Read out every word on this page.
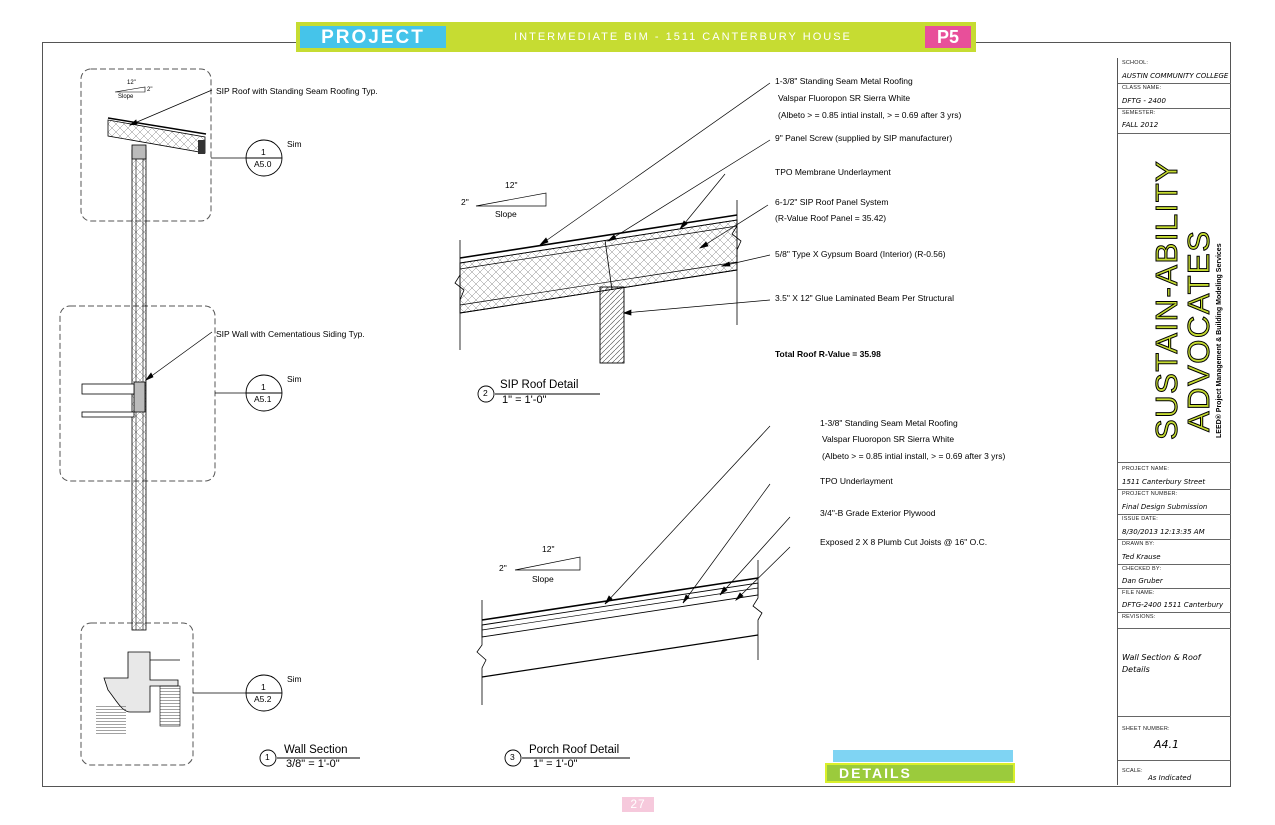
PROJECT	INTERMEDIATE BIM - 1511 CANTERBURY HOUSE	P5
SIP Roof with Standing Seam Roofing Typ.
SIP Wall with Cementatious Siding Typ.
12"
2"
Slope
1
A5.0
Sim
1
A5.1
Sim
1
A5.2
Sim
1
Wall Section
3/8" = 1'-0"
1-3/8" Standing Seam Metal Roofing
Valspar Fluoropon SR Sierra White
(Albeto > = 0.85 intial install, > = 0.69 after 3 yrs)
9" Panel Screw (supplied by SIP manufacturer)
TPO Membrane Underlayment
6-1/2" SIP Roof Panel System
(R-Value Roof Panel = 35.42)
5/8" Type X Gypsum Board (Interior) (R-0.56)
3.5" X 12" Glue Laminated Beam Per Structural
Total Roof R-Value = 35.98
12"
2"
Slope
2
SIP Roof Detail
1" = 1'-0"
1-3/8" Standing Seam Metal Roofing
Valspar Fluoropon SR Sierra White
(Albeto > = 0.85 intial install, > = 0.69 after 3 yrs)
TPO Underlayment
3/4"-B Grade Exterior Plywood
Exposed 2 X 8 Plumb Cut Joists @ 16" O.C.
12"
2"
Slope
3
Porch Roof Detail
1" = 1'-0"
SCHOOL:
AUSTIN COMMUNITY COLLEGE
CLASS NAME:
DFTG - 2400
SEMESTER:
FALL 2012
PROJECT NAME:
1511 Canterbury Street
PROJECT NUMBER:
Final Design Submission
ISSUE DATE:
8/30/2013 12:13:35 AM
DRAWN BY:
Ted Krause
CHECKED BY:
Dan Gruber
FILE NAME:
DFTG-2400 1511 Canterbury
REVISIONS:
Wall Section & Roof Details
SHEET NUMBER:
A4.1
SCALE:
As Indicated
SUSTAIN-ABILITY
ADVOCATES LEED® Project Management & Building Modeling Services
DETAILS
27
